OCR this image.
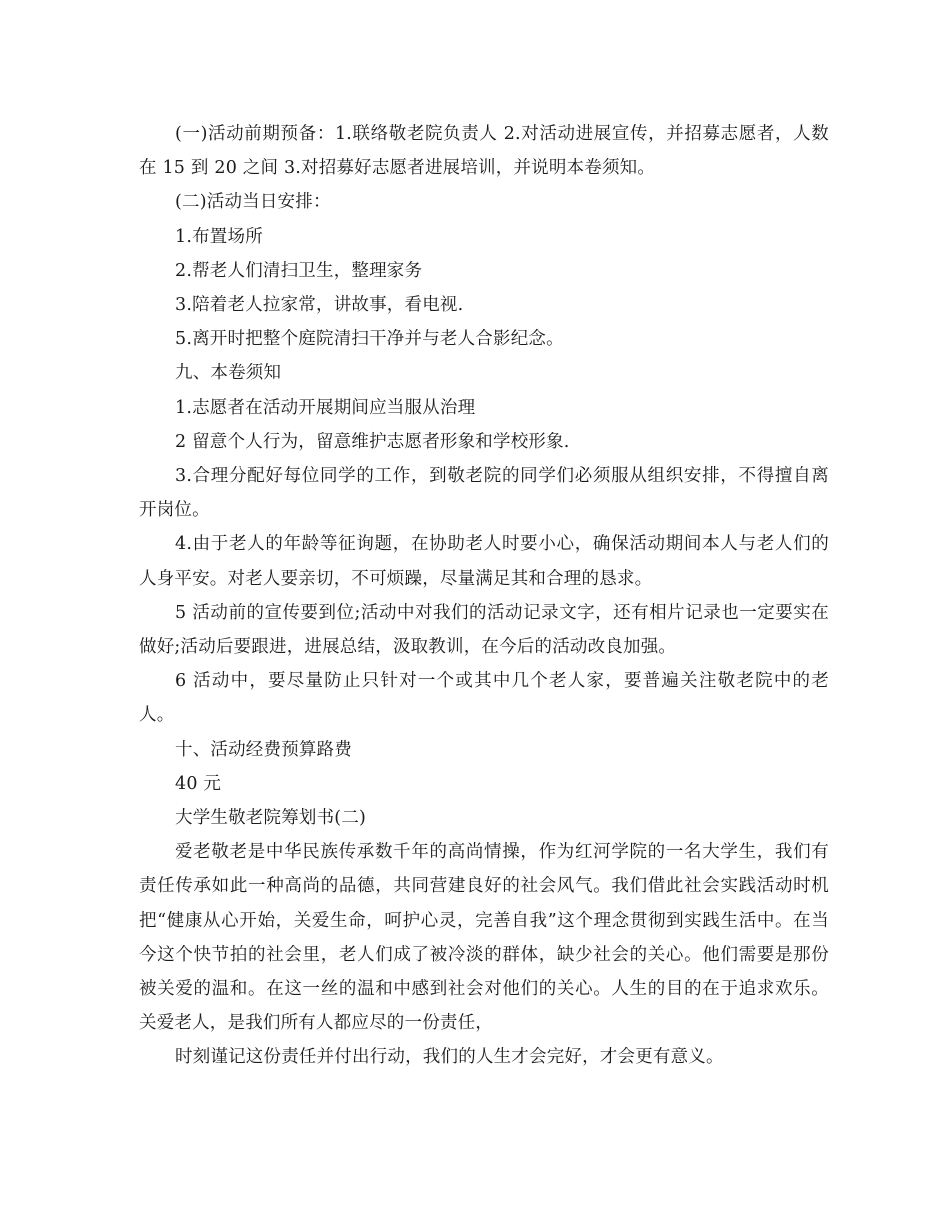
(一)活动前期预备：1.联络敬老院负责人 2.对活动进展宣传，并招募志愿者，人数在 15 到 20 之间 3.对招募好志愿者进展培训，并说明本卷须知。

(二)活动当日安排：

1.布置场所

2.帮老人们清扫卫生，整理家务

3.陪着老人拉家常，讲故事，看电视.

5.离开时把整个庭院清扫干净并与老人合影纪念。

九、本卷须知

1.志愿者在活动开展期间应当服从治理

2 留意个人行为，留意维护志愿者形象和学校形象.

3.合理分配好每位同学的工作，到敬老院的同学们必须服从组织安排，不得擅自离开岗位。

4.由于老人的年龄等征询题，在协助老人时要小心，确保活动期间本人与老人们的人身平安。对老人要亲切，不可烦躁，尽量满足其和合理的恳求。

5 活动前的宣传要到位;活动中对我们的活动记录文字，还有相片记录也一定要实在做好;活动后要跟进，进展总结，汲取教训，在今后的活动改良加强。

6 活动中，要尽量防止只针对一个或其中几个老人家，要普遍关注敬老院中的老人。

十、活动经费预算路费

40 元

大学生敬老院筹划书(二)

爱老敬老是中华民族传承数千年的高尚情操，作为红河学院的一名大学生，我们有责任传承如此一种高尚的品德，共同营建良好的社会风气。我们借此社会实践活动时机把“健康从心开始，关爱生命，呵护心灵，完善自我”这个理念贯彻到实践生活中。在当今这个快节拍的社会里，老人们成了被冷淡的群体，缺少社会的关心。他们需要是那份被关爱的温和。在这一丝的温和中感到社会对他们的关心。人生的目的在于追求欢乐。关爱老人，是我们所有人都应尽的一份责任，

时刻谨记这份责任并付出行动，我们的人生才会完好，才会更有意义。
